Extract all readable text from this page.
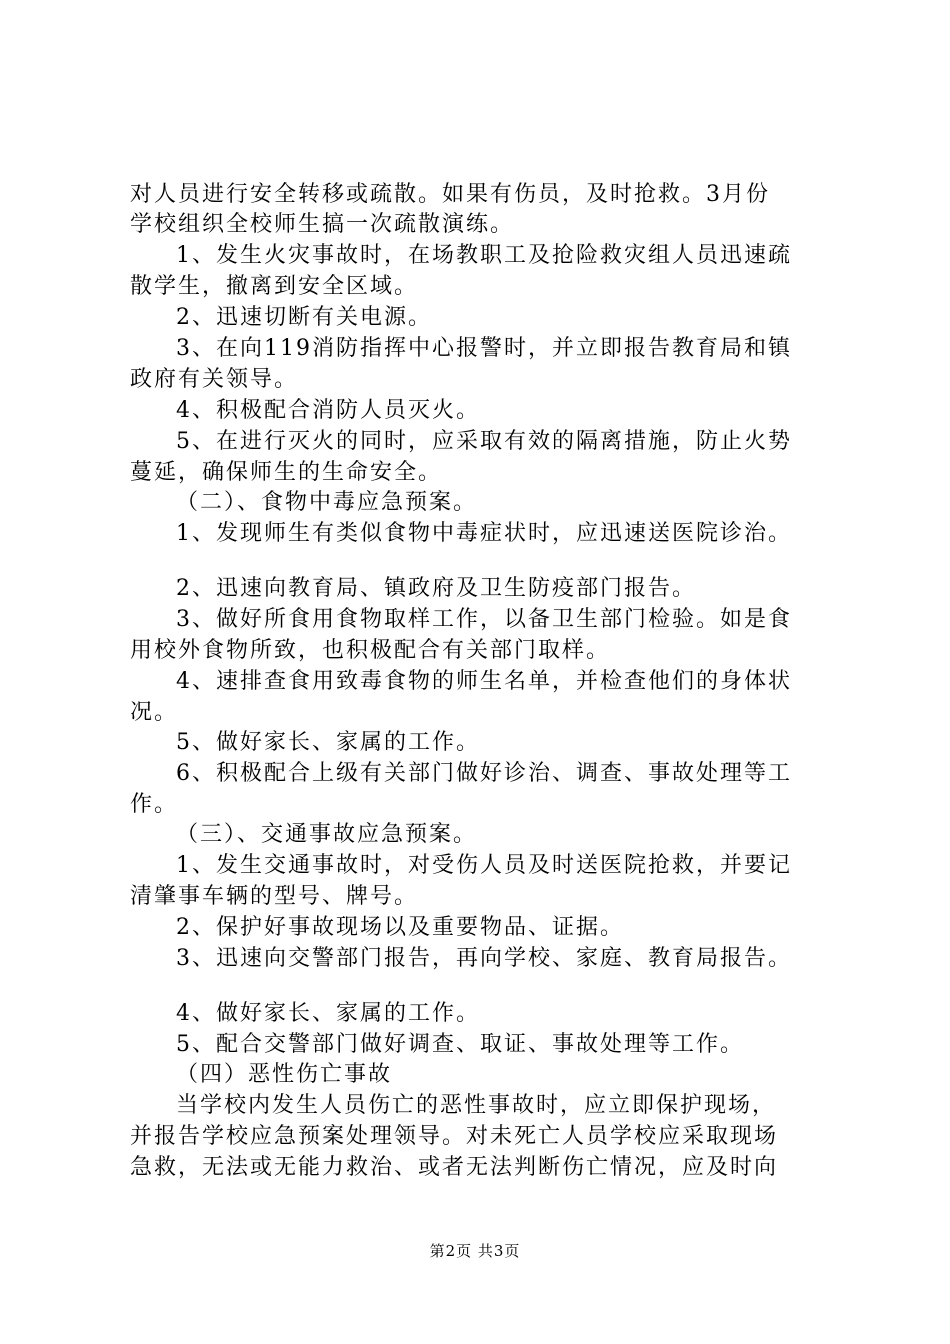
对人员进行安全转移或疏散。如果有伤员，及时抢救。3月份
学校组织全校师生搞一次疏散演练。
1、发生火灾事故时，在场教职工及抢险救灾组人员迅速疏
散学生，撤离到安全区域。
2、迅速切断有关电源。
3、在向119消防指挥中心报警时，并立即报告教育局和镇
政府有关领导。
4、积极配合消防人员灭火。
5、在进行灭火的同时，应采取有效的隔离措施，防止火势
蔓延，确保师生的生命安全。
（二）、食物中毒应急预案。
1、发现师生有类似食物中毒症状时，应迅速送医院诊治。
2、迅速向教育局、镇政府及卫生防疫部门报告。
3、做好所食用食物取样工作，以备卫生部门检验。如是食
用校外食物所致，也积极配合有关部门取样。
4、速排查食用致毒食物的师生名单，并检查他们的身体状
况。
5、做好家长、家属的工作。
6、积极配合上级有关部门做好诊治、调查、事故处理等工
作。
（三）、交通事故应急预案。
1、发生交通事故时，对受伤人员及时送医院抢救，并要记
清肇事车辆的型号、牌号。
2、保护好事故现场以及重要物品、证据。
3、迅速向交警部门报告，再向学校、家庭、教育局报告。
4、做好家长、家属的工作。
5、配合交警部门做好调查、取证、事故处理等工作。
（四）恶性伤亡事故
当学校内发生人员伤亡的恶性事故时，应立即保护现场，
并报告学校应急预案处理领导。对未死亡人员学校应采取现场
急救，无法或无能力救治、或者无法判断伤亡情况，应及时向
第2页 共3页
